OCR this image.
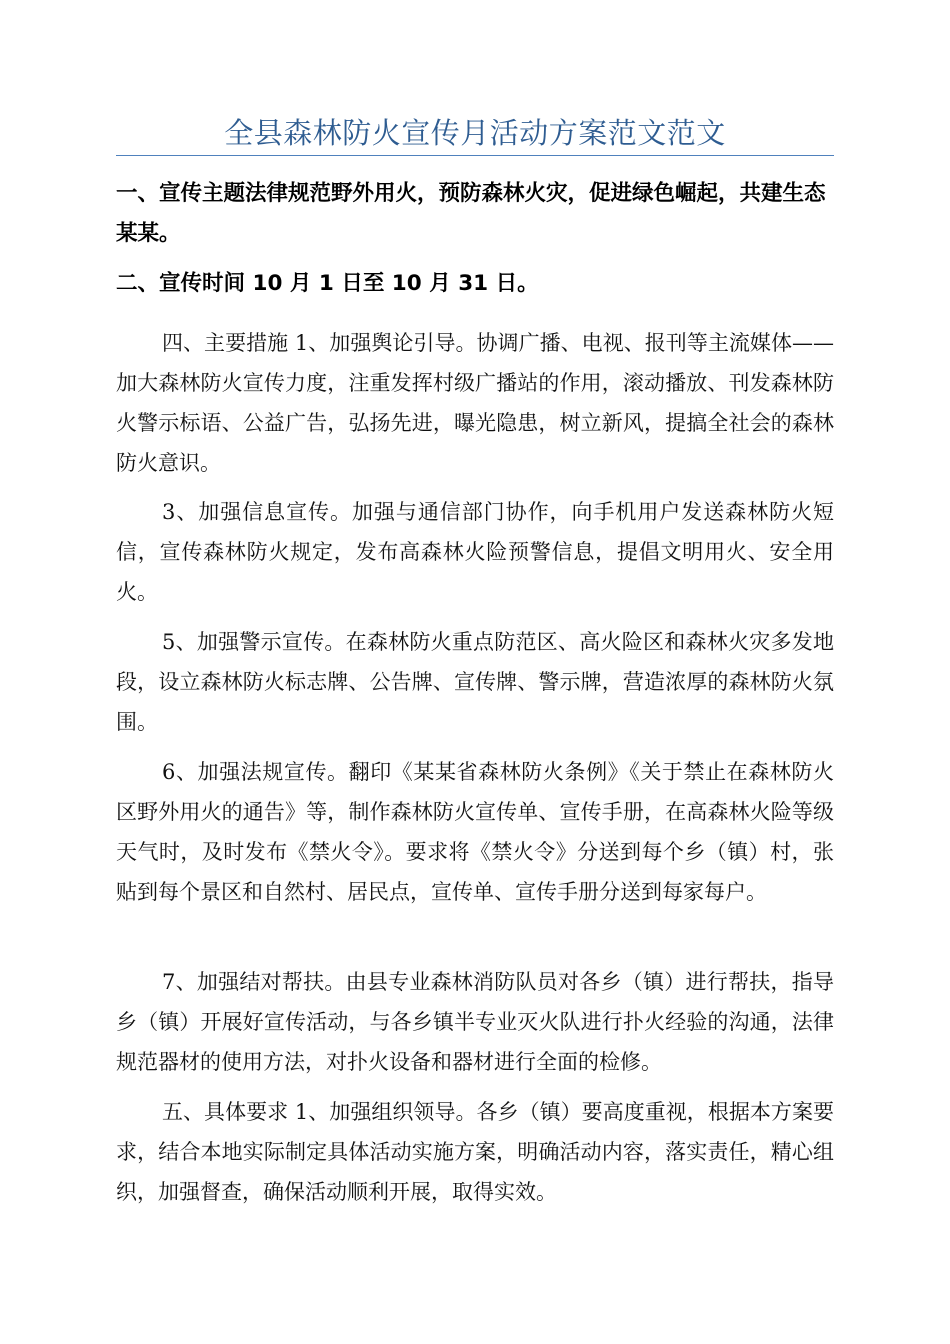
全县森林防火宣传月活动方案范文范文

一、宣传主题法律规范野外用火，预防森林火灾，促进绿色崛起，共建生态某某。

二、宣传时间 10 月 1 日至 10 月 31 日。

四、主要措施 1、加强舆论引导。协调广播、电视、报刊等主流媒体——加大森林防火宣传力度，注重发挥村级广播站的作用，滚动播放、刊发森林防火警示标语、公益广告，弘扬先进，曝光隐患，树立新风，提搞全社会的森林防火意识。

3、加强信息宣传。加强与通信部门协作，向手机用户发送森林防火短信，宣传森林防火规定，发布高森林火险预警信息，提倡文明用火、安全用火。

5、加强警示宣传。在森林防火重点防范区、高火险区和森林火灾多发地段，设立森林防火标志牌、公告牌、宣传牌、警示牌，营造浓厚的森林防火氛围。

6、加强法规宣传。翻印《某某省森林防火条例》《关于禁止在森林防火区野外用火的通告》等，制作森林防火宣传单、宣传手册，在高森林火险等级天气时，及时发布《禁火令》。要求将《禁火令》分送到每个乡（镇）村，张贴到每个景区和自然村、居民点，宣传单、宣传手册分送到每家每户。

7、加强结对帮扶。由县专业森林消防队员对各乡（镇）进行帮扶，指导乡（镇）开展好宣传活动，与各乡镇半专业灭火队进行扑火经验的沟通，法律规范器材的使用方法，对扑火设备和器材进行全面的检修。

五、具体要求 1、加强组织领导。各乡（镇）要高度重视，根据本方案要求，结合本地实际制定具体活动实施方案，明确活动内容，落实责任，精心组织，加强督查，确保活动顺利开展，取得实效。
